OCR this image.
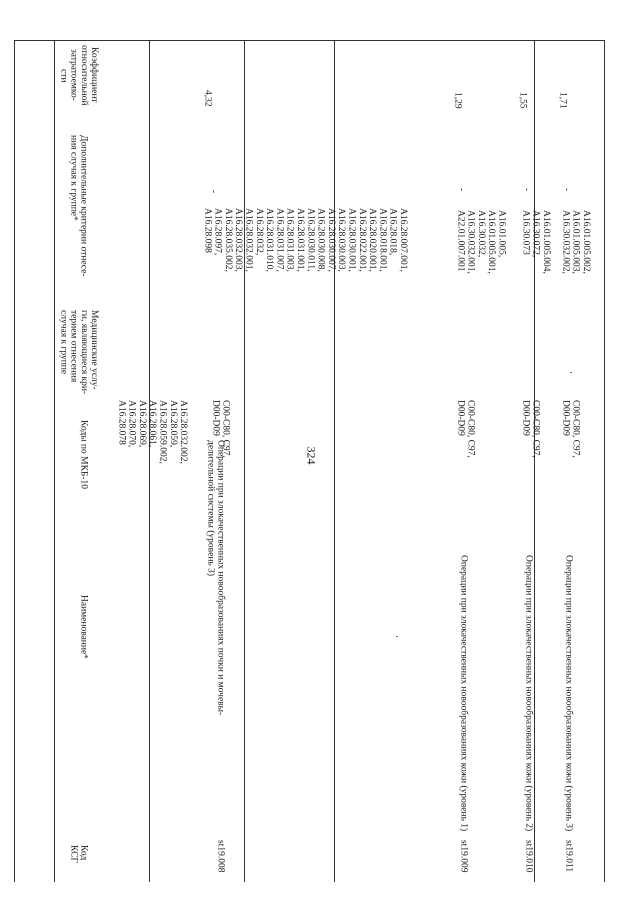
324
A16.28.032.002,
A16.28.059,
A16.28.059.002,
A16.28.061,
A16.28.069,
A16.28.070,
A16.28.078
st19.008
Операции при злокачественных новообразованиях почки и мочевы-
делительной системы (уровень 3)
C00-C80, C97,
D00-D09
A16.28.007.001,
A16.28.018,
A16.28.018.001,
A16.28.020.001,
A16.28.022.001,
A16.28.030.001,
A16.28.030.003,
A16.28.030.007,
A16.28.030.008,
A16.28.030.011,
A16.28.031.001,
A16.28.031.003,
A16.28.031.007,
A16.28.031.010,
A16.28.032,
A16.28.032.001,
A16.28.032.003,
A16.28.035.002,
A16.28.097,
A16.28.098
-
4,32
st19.009
Операции при злокачественных новообразованиях кожи (уровень 1)
C00-C80, C97,
D00-D09
A16.01.005,
A16.01.005.001,
A16.30.032,
A16.30.032.001,
A22.01.007.001
-
1,29
st19.010
Операции при злокачественных новообразованиях кожи (уровень 2)
C00-C80, C97,
D00-D09
A16.01.005.004,
A16.30.072,
A16.30.073
-
1,55
st19.011
Операции при злокачественных новообразованиях кожи (уровень 3)
C00-C80, C97,
D00-D09
A16.01.005.002,
A16.01.005.003,
A16.30.032.002,
-
1,71
Коэффициент
относительной
затратоемко-
сти
Дополнительные критерии отнесе-
ния случая к группе*
Медицинские услу-
ги, являющиеся кри-
терием отнесения
случая к группе
Коды по МКБ-10
Наименование*
Код
КСГ
